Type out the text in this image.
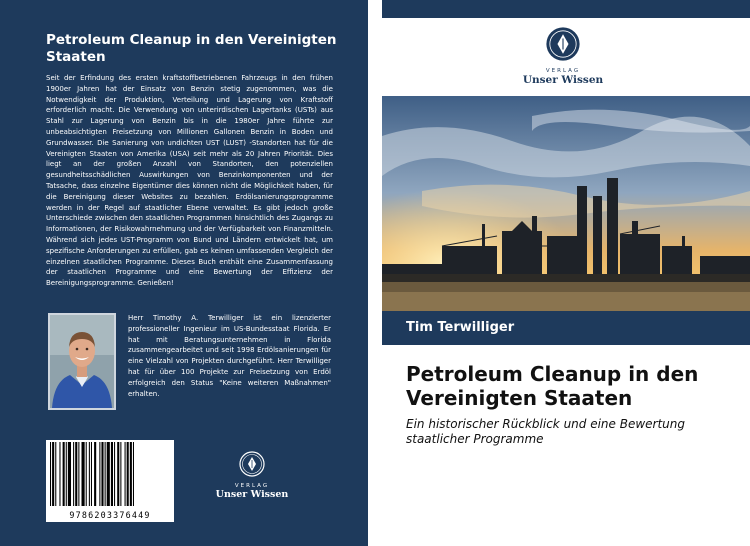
Petroleum Cleanup in den Vereinigten Staaten
Seit der Erfindung des ersten kraftstoffbetriebenen Fahrzeugs in den frühen 1900er Jahren hat der Einsatz von Benzin stetig zugenommen, was die Notwendigkeit der Produktion, Verteilung und Lagerung von Kraftstoff erforderlich macht. Die Verwendung von unterirdischen Lagertanks (USTs) aus Stahl zur Lagerung von Benzin bis in die 1980er Jahre führte zur unbeabsichtigten Freisetzung von Millionen Gallonen Benzin in Boden und Grundwasser. Die Sanierung von undichten UST (LUST) -Standorten hat für die Vereinigten Staaten von Amerika (USA) seit mehr als 20 Jahren Priorität. Dies liegt an der großen Anzahl von Standorten, den potenziellen gesundheitsschädlichen Auswirkungen von Benzinkomponenten und der Tatsache, dass einzelne Eigentümer dies können nicht die Möglichkeit haben, für die Bereinigung dieser Websites zu bezahlen. Erdölsanierungsprogramme werden in der Regel auf staatlicher Ebene verwaltet. Es gibt jedoch große Unterschiede zwischen den staatlichen Programmen hinsichtlich des Zugangs zu Informationen, der Risikowahrnehmung und der Verfügbarkeit von Finanzmitteln. Während sich jedes UST-Programm von Bund und Ländern entwickelt hat, um spezifische Anforderungen zu erfüllen, gab es keinen umfassenden Vergleich der einzelnen staatlichen Programme. Dieses Buch enthält eine Zusammenfassung der staatlichen Programme und eine Bewertung der Effizienz der Bereinigungsprogramme. Genießen!
Herr Timothy A. Terwilliger ist ein lizenzierter professioneller Ingenieur im US-Bundesstaat Florida. Er hat mit Beratungsunternehmen in Florida zusammengearbeitet und seit 1998 Erdölsanierungen für eine Vielzahl von Projekten durchgeführt. Herr Terwilliger hat für über 100 Projekte zur Freisetzung von Erdöl erfolgreich den Status "Keine weiteren Maßnahmen" erhalten.
9786203376449
VERLAG
Unser Wissen
VERLAG
Unser Wissen
Tim Terwilliger
Petroleum Cleanup in den Vereinigten Staaten
Ein historischer Rückblick und eine Bewertung staatlicher Programme
